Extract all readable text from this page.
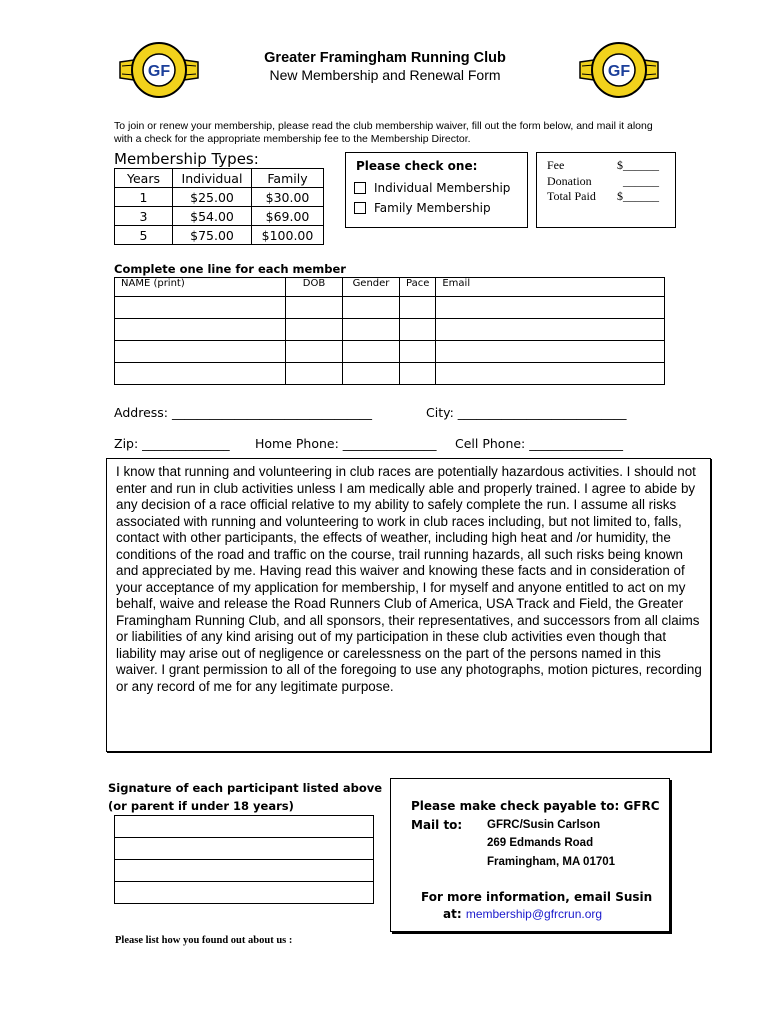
GF	GF
Greater Framingham Running Club
New Membership and Renewal Form
To join or renew your membership, please read the club membership waiver, fill out the form below, and mail it along with a check for the appropriate membership fee to the Membership Director.
Membership Types:
Years	Individual	Family
1	$25.00	$30.00
3	$54.00	$69.00
5	$75.00	$100.00
Please check one:
Individual Membership
Family Membership
Fee	$______
Donation	______
Total Paid $______
Complete one line for each member
NAME (print)	DOB	Gender	Pace	Email

Address: ________________________________	City: ___________________________
Zip: ______________ Home Phone: _______________ Cell Phone: _______________
I know that running and volunteering in club races are potentially hazardous activities. I should not enter and run in club activities unless I am medically able and properly trained. I agree to abide by any decision of a race official relative to my ability to safely complete the run. I assume all risks associated with running and volunteering to work in club races including, but not limited to, falls, contact with other participants, the effects of weather, including high heat and /or humidity, the conditions of the road and traffic on the course, trail running hazards, all such risks being known and appreciated by me. Having read this waiver and knowing these facts and in consideration of your acceptance of my application for membership, I for myself and anyone entitled to act on my behalf, waive and release the Road Runners Club of America, USA Track and Field, the Greater Framingham Running Club, and all sponsors, their representatives, and successors from all claims or liabilities of any kind arising out of my participation in these club activities even though that liability may arise out of negligence or carelessness on the part of the persons named in this waiver. I grant permission to all of the foregoing to use any photographs, motion pictures, recording or any record of me for any legitimate purpose.
Signature of each participant listed above
(or parent if under 18 years)	Please make check payable to: GFRC
Mail to: GFRC/Susin Carlson
269 Edmands Road
Framingham, MA 01701
For more information, email Susin
at: membership@gfrcrun.org
Please list how you found out about us :
